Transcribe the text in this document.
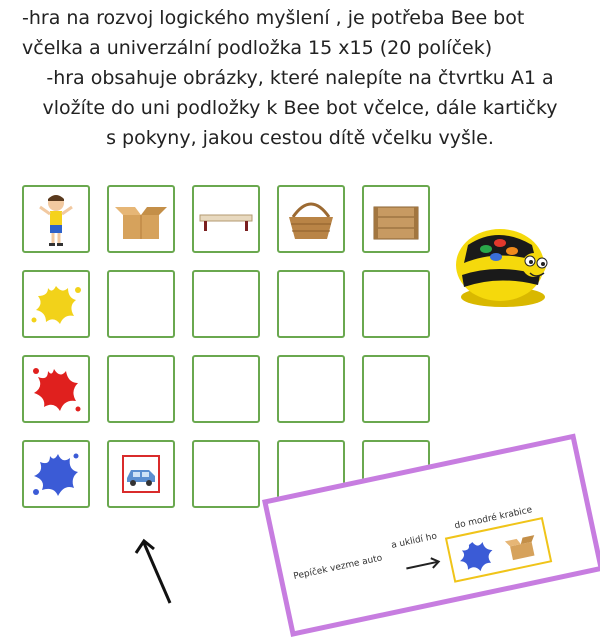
-hra na rozvoj logického myšlení , je potřeba Bee bot
včelka a univerzální podložka 15 x15 (20 políček)
-hra obsahuje obrázky, které nalepíte na čtvrtku A1 a
vložíte do uni podložky k Bee bot včelce, dále kartičky
s pokyny, jakou cestou dítě včelku vyšle.
Pepíček vezme auto
a uklidí ho
do modré krabice
